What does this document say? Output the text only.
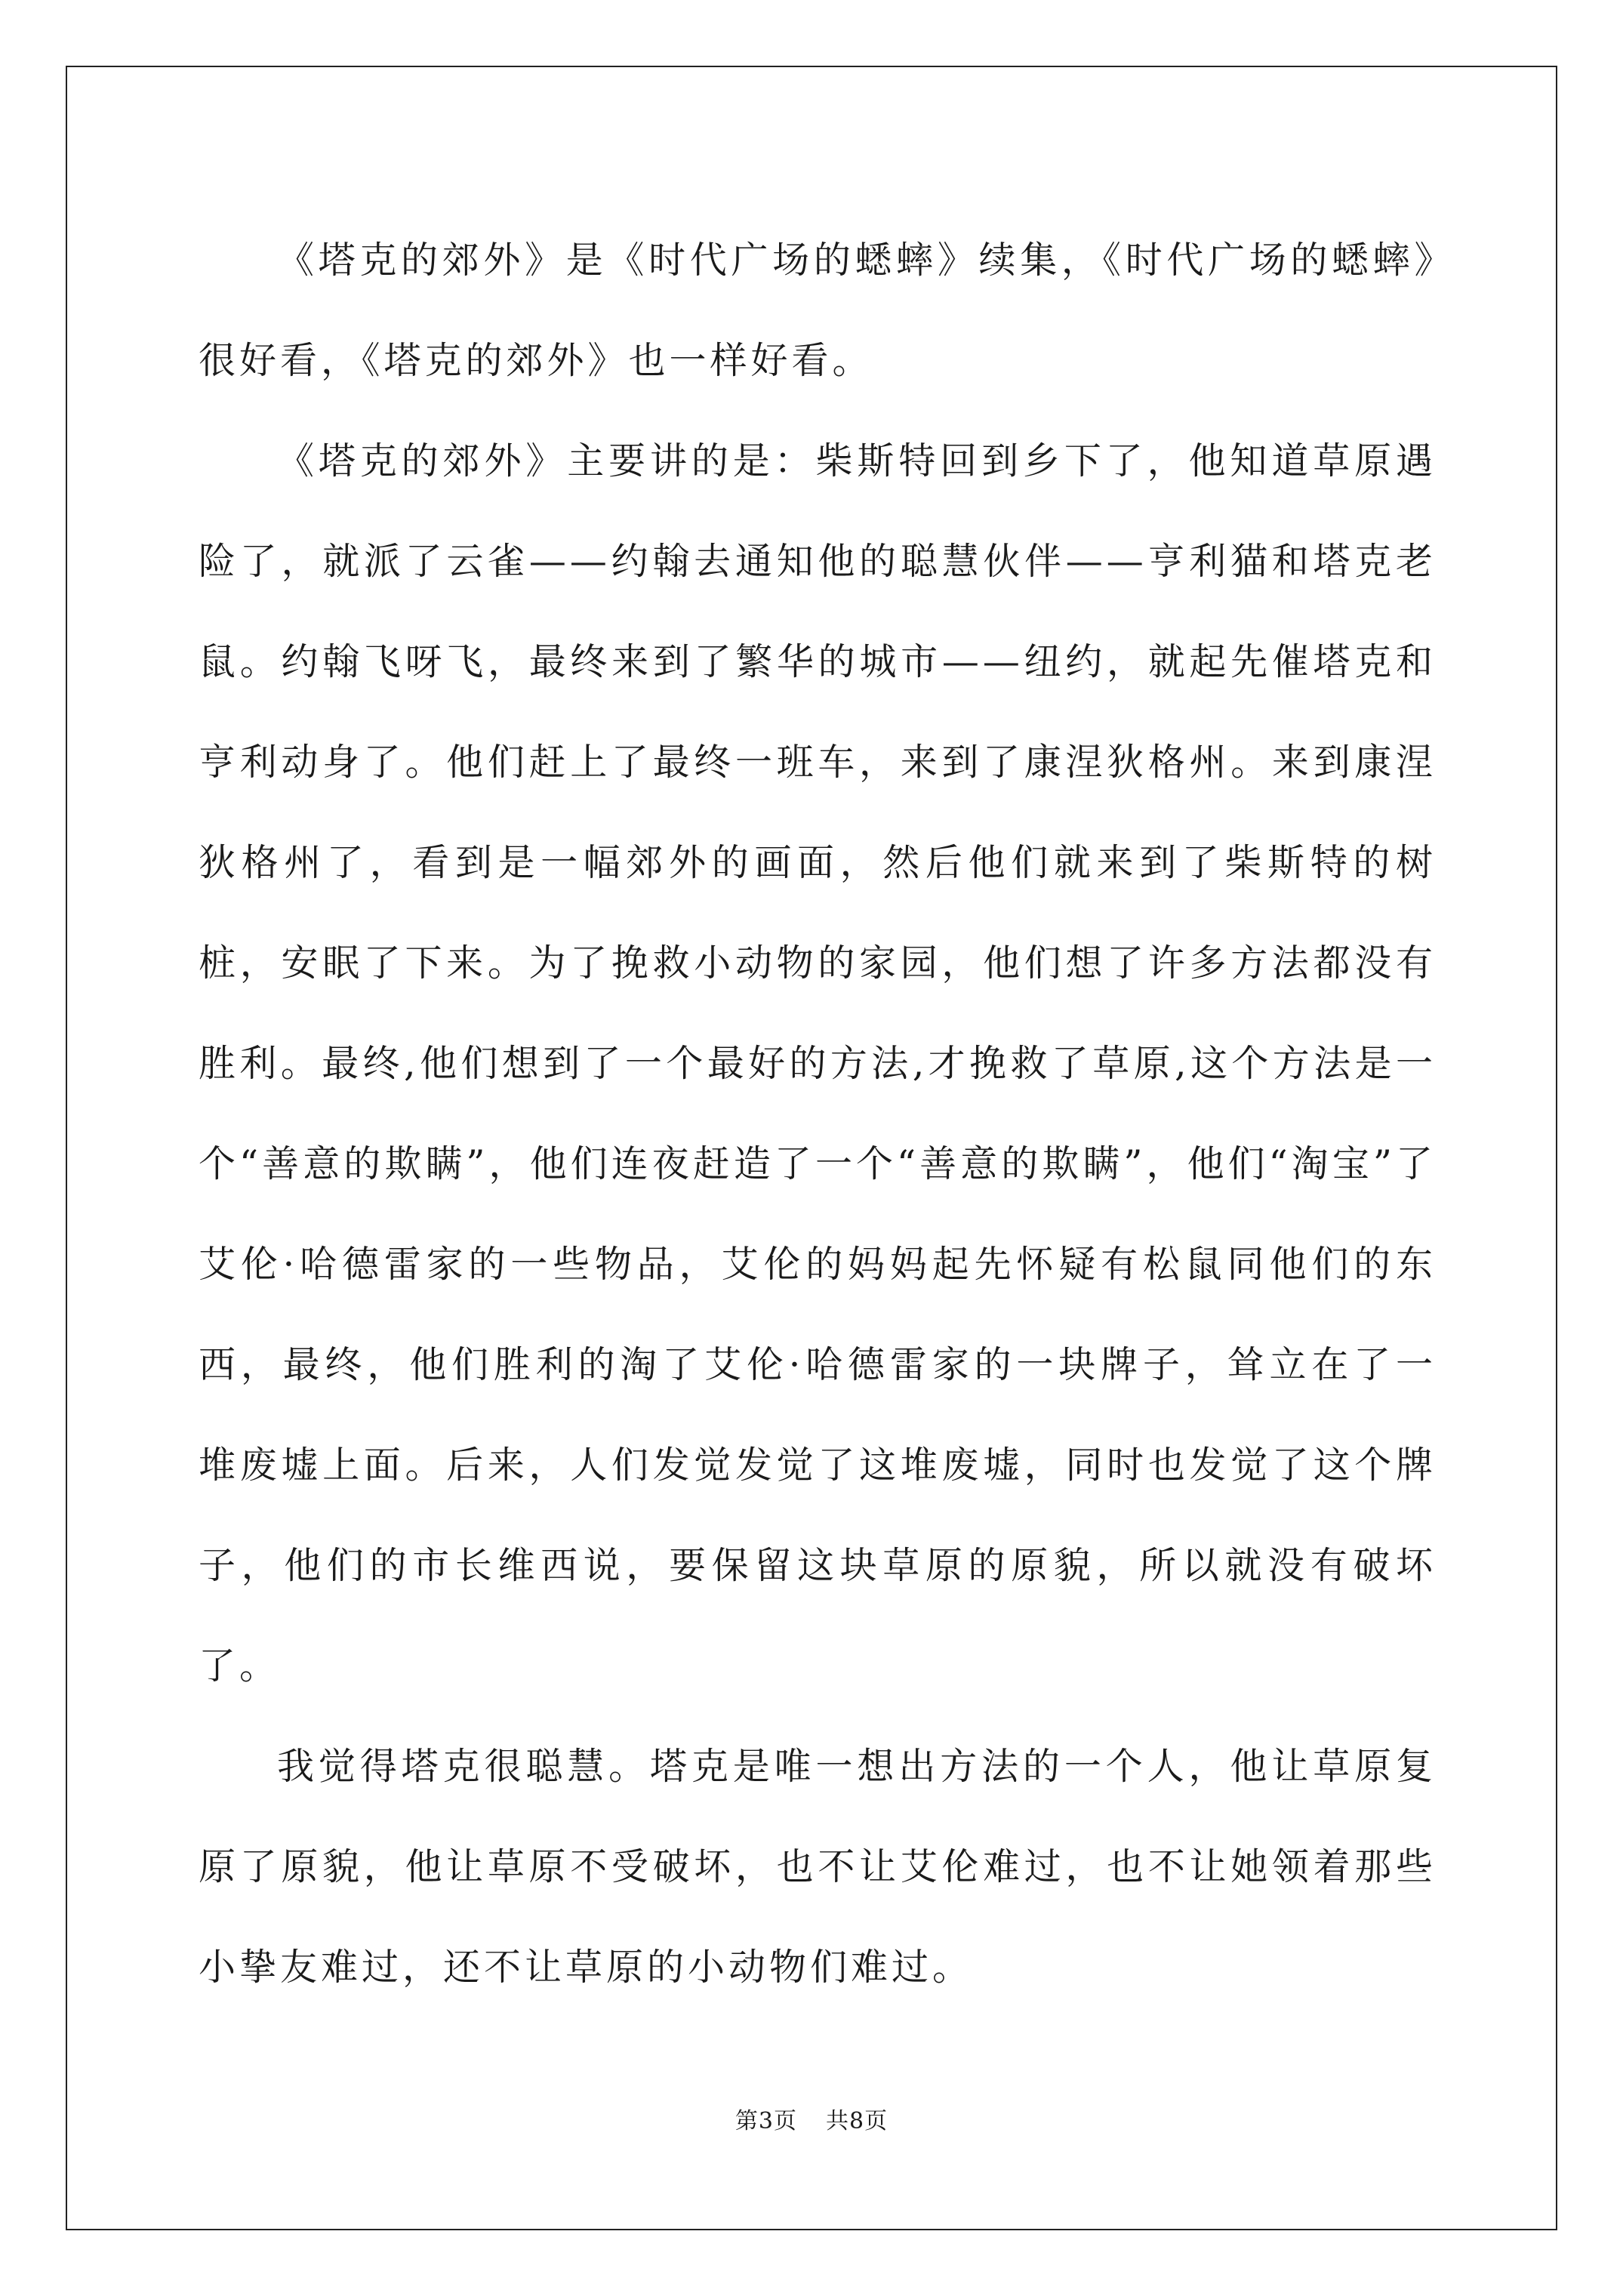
《塔克的郊外》是《时代广场的蟋蟀》续集，《时代广场的蟋蟀》很好看，《塔克的郊外》也一样好看。

《塔克的郊外》主要讲的是：柴斯特回到乡下了，他知道草原遇险了，就派了云雀——约翰去通知他的聪慧伙伴——亨利猫和塔克老鼠。约翰飞呀飞，最终来到了繁华的城市——纽约，就起先催塔克和亨利动身了。他们赶上了最终一班车，来到了康涅狄格州。来到康涅狄格州了，看到是一幅郊外的画面，然后他们就来到了柴斯特的树桩，安眠了下来。为了挽救小动物的家园，他们想了许多方法都没有胜利。最终,他们想到了一个最好的方法,才挽救了草原,这个方法是一个“善意的欺瞒”，他们连夜赶造了一个“善意的欺瞒”，他们“淘宝”了艾伦·哈德雷家的一些物品，艾伦的妈妈起先怀疑有松鼠同他们的东西，最终，他们胜利的淘了艾伦·哈德雷家的一块牌子，耸立在了一堆废墟上面。后来，人们发觉发觉了这堆废墟，同时也发觉了这个牌子，他们的市长维西说，要保留这块草原的原貌，所以就没有破坏了。

我觉得塔克很聪慧。塔克是唯一想出方法的一个人，他让草原复原了原貌，他让草原不受破坏，也不让艾伦难过，也不让她领着那些小挚友难过，还不让草原的小动物们难过。

第3页 共8页
